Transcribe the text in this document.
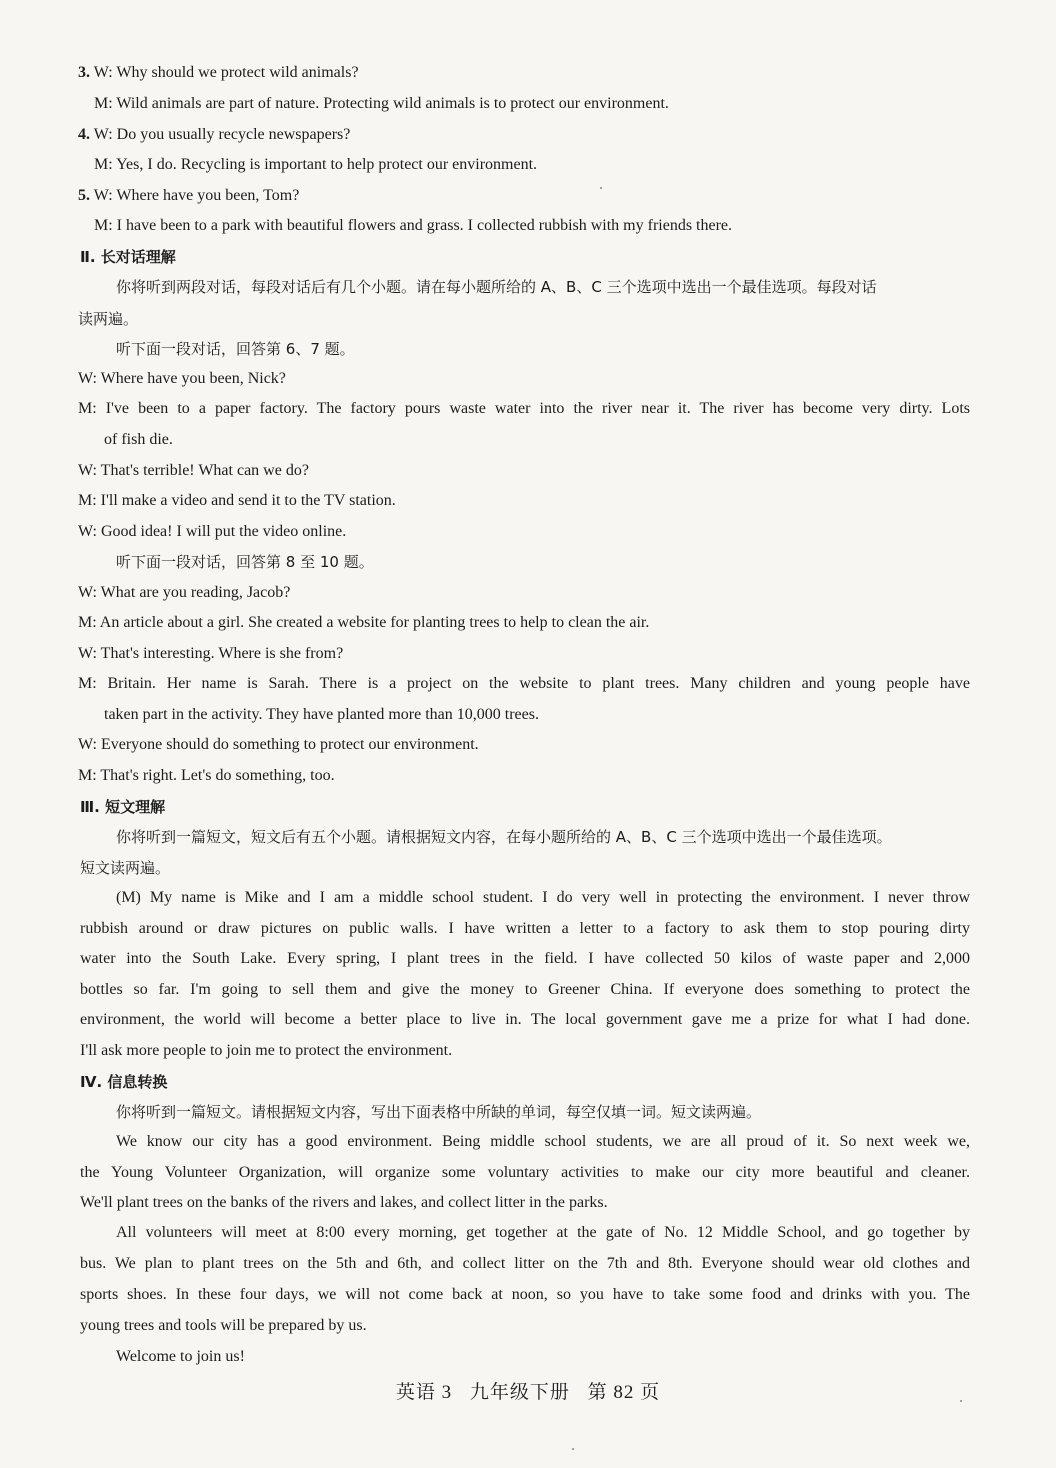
3. W: Why should we protect wild animals?
M: Wild animals are part of nature. Protecting wild animals is to protect our environment.
4. W: Do you usually recycle newspapers?
M: Yes, I do. Recycling is important to help protect our environment.
5. W: Where have you been, Tom?
M: I have been to a park with beautiful flowers and grass. I collected rubbish with my friends there.
Ⅱ. 长对话理解
你将听到两段对话，每段对话后有几个小题。请在每小题所给的 A、B、C 三个选项中选出一个最佳选项。每段对话
读两遍。
听下面一段对话，回答第 6、7 题。
W: Where have you been, Nick?
M: I've been to a paper factory. The factory pours waste water into the river near it. The river has become very dirty. Lots
of fish die.
W: That's terrible! What can we do?
M: I'll make a video and send it to the TV station.
W: Good idea! I will put the video online.
听下面一段对话，回答第 8 至 10 题。
W: What are you reading, Jacob?
M: An article about a girl. She created a website for planting trees to help to clean the air.
W: That's interesting. Where is she from?
M: Britain. Her name is Sarah. There is a project on the website to plant trees. Many children and young people have
taken part in the activity. They have planted more than 10,000 trees.
W: Everyone should do something to protect our environment.
M: That's right. Let's do something, too.
Ⅲ. 短文理解
你将听到一篇短文，短文后有五个小题。请根据短文内容，在每小题所给的 A、B、C 三个选项中选出一个最佳选项。
短文读两遍。
(M) My name is Mike and I am a middle school student. I do very well in protecting the environment. I never throw
rubbish around or draw pictures on public walls. I have written a letter to a factory to ask them to stop pouring dirty
water into the South Lake. Every spring, I plant trees in the field. I have collected 50 kilos of waste paper and 2,000
bottles so far. I'm going to sell them and give the money to Greener China. If everyone does something to protect the
environment, the world will become a better place to live in. The local government gave me a prize for what I had done.
I'll ask more people to join me to protect the environment.
Ⅳ. 信息转换
你将听到一篇短文。请根据短文内容，写出下面表格中所缺的单词，每空仅填一词。短文读两遍。
We know our city has a good environment. Being middle school students, we are all proud of it. So next week we,
the Young Volunteer Organization, will organize some voluntary activities to make our city more beautiful and cleaner.
We'll plant trees on the banks of the rivers and lakes, and collect litter in the parks.
All volunteers will meet at 8:00 every morning, get together at the gate of No. 12 Middle School, and go together by
bus. We plan to plant trees on the 5th and 6th, and collect litter on the 7th and 8th. Everyone should wear old clothes and
sports shoes. In these four days, we will not come back at noon, so you have to take some food and drinks with you. The
young trees and tools will be prepared by us.
Welcome to join us!
英语 3 九年级下册 第 82 页
